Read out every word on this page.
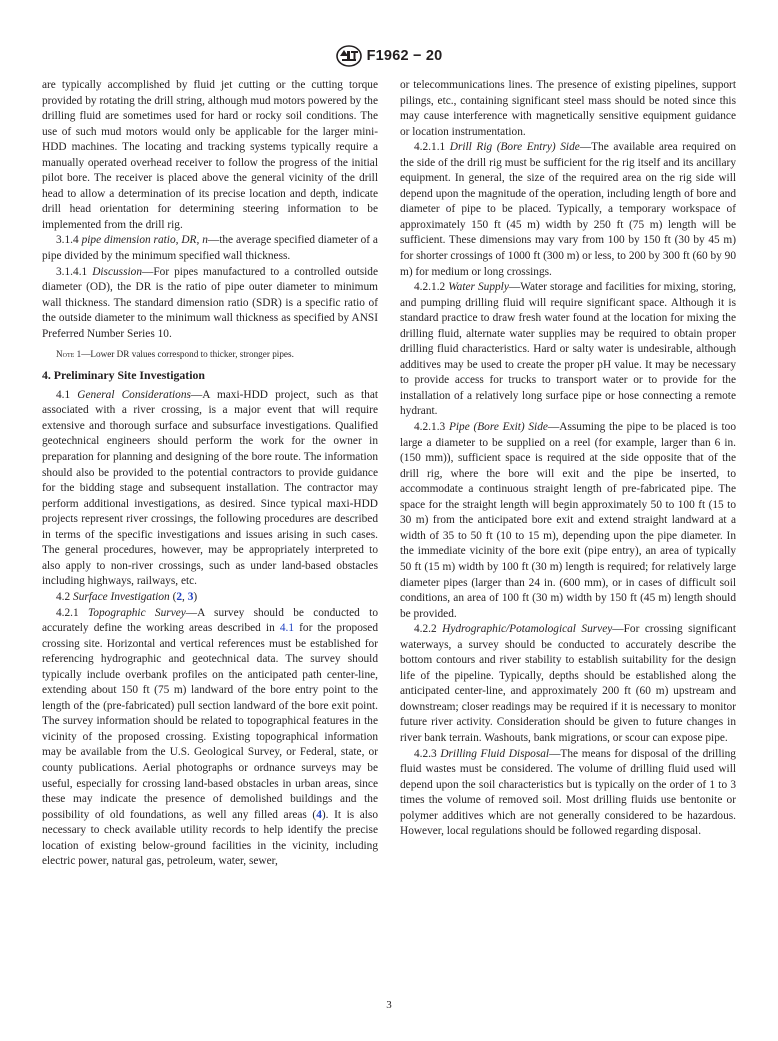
F1962 − 20

are typically accomplished by fluid jet cutting or the cutting torque provided by rotating the drill string, although mud motors powered by the drilling fluid are sometimes used for hard or rocky soil conditions. The use of such mud motors would only be applicable for the larger mini-HDD machines. The locating and tracking systems typically require a manually operated overhead receiver to follow the progress of the initial pilot bore. The receiver is placed above the general vicinity of the drill head to allow a determination of its precise location and depth, indicate drill head orientation for determining steering information to be implemented from the drill rig.

3.1.4 pipe dimension ratio, DR, n—the average specified diameter of a pipe divided by the minimum specified wall thickness.

3.1.4.1 Discussion—For pipes manufactured to a controlled outside diameter (OD), the DR is the ratio of pipe outer diameter to minimum wall thickness. The standard dimension ratio (SDR) is a specific ratio of the outside diameter to the minimum wall thickness as specified by ANSI Preferred Number Series 10.

Note 1—Lower DR values correspond to thicker, stronger pipes.

4. Preliminary Site Investigation

4.1 General Considerations—A maxi-HDD project, such as that associated with a river crossing, is a major event that will require extensive and thorough surface and subsurface investigations. Qualified geotechnical engineers should perform the work for the owner in preparation for planning and designing of the bore route. The information should also be provided to the potential contractors to provide guidance for the bidding stage and subsequent installation. The contractor may perform additional investigations, as desired. Since typical maxi-HDD projects represent river crossings, the following procedures are described in terms of the specific investigations and issues arising in such cases. The general procedures, however, may be appropriately interpreted to also apply to non-river crossings, such as under land-based obstacles including highways, railways, etc.

4.2 Surface Investigation (2, 3)

4.2.1 Topographic Survey—A survey should be conducted to accurately define the working areas described in 4.1 for the proposed crossing site. Horizontal and vertical references must be established for referencing hydrographic and geotechnical data. The survey should typically include overbank profiles on the anticipated path center-line, extending about 150 ft (75 m) landward of the bore entry point to the length of the (pre-fabricated) pull section landward of the bore exit point. The survey information should be related to topographical features in the vicinity of the proposed crossing. Existing topographical information may be available from the U.S. Geological Survey, or Federal, state, or county publications. Aerial photographs or ordnance surveys may be useful, especially for crossing land-based obstacles in urban areas, since these may indicate the presence of demolished buildings and the possibility of old foundations, as well any filled areas (4). It is also necessary to check available utility records to help identify the precise location of existing below-ground facilities in the vicinity, including electric power, natural gas, petroleum, water, sewer,

or telecommunications lines. The presence of existing pipelines, support pilings, etc., containing significant steel mass should be noted since this may cause interference with magnetically sensitive equipment guidance or location instrumentation.

4.2.1.1 Drill Rig (Bore Entry) Side—The available area required on the side of the drill rig must be sufficient for the rig itself and its ancillary equipment. In general, the size of the required area on the rig side will depend upon the magnitude of the operation, including length of bore and diameter of pipe to be placed. Typically, a temporary workspace of approximately 150 ft (45 m) width by 250 ft (75 m) length will be sufficient. These dimensions may vary from 100 by 150 ft (30 by 45 m) for shorter crossings of 1000 ft (300 m) or less, to 200 by 300 ft (60 by 90 m) for medium or long crossings.

4.2.1.2 Water Supply—Water storage and facilities for mixing, storing, and pumping drilling fluid will require significant space. Although it is standard practice to draw fresh water found at the location for mixing the drilling fluid, alternate water supplies may be required to obtain proper drilling fluid characteristics. Hard or salty water is undesirable, although additives may be used to create the proper pH value. It may be necessary to provide access for trucks to transport water or to provide for the installation of a relatively long surface pipe or hose connecting a remote hydrant.

4.2.1.3 Pipe (Bore Exit) Side—Assuming the pipe to be placed is too large a diameter to be supplied on a reel (for example, larger than 6 in. (150 mm)), sufficient space is required at the side opposite that of the drill rig, where the bore will exit and the pipe be inserted, to accommodate a continuous straight length of pre-fabricated pipe. The space for the straight length will begin approximately 50 to 100 ft (15 to 30 m) from the anticipated bore exit and extend straight landward at a width of 35 to 50 ft (10 to 15 m), depending upon the pipe diameter. In the immediate vicinity of the bore exit (pipe entry), an area of typically 50 ft (15 m) width by 100 ft (30 m) length is required; for relatively large diameter pipes (larger than 24 in. (600 mm), or in cases of difficult soil conditions, an area of 100 ft (30 m) width by 150 ft (45 m) length should be provided.

4.2.2 Hydrographic/Potamological Survey—For crossing significant waterways, a survey should be conducted to accurately describe the bottom contours and river stability to establish suitability for the design life of the pipeline. Typically, depths should be established along the anticipated center-line, and approximately 200 ft (60 m) upstream and downstream; closer readings may be required if it is necessary to monitor future river activity. Consideration should be given to future changes in river bank terrain. Washouts, bank migrations, or scour can expose pipe.

4.2.3 Drilling Fluid Disposal—The means for disposal of the drilling fluid wastes must be considered. The volume of drilling fluid used will depend upon the soil characteristics but is typically on the order of 1 to 3 times the volume of removed soil. Most drilling fluids use bentonite or polymer additives which are not generally considered to be hazardous. However, local regulations should be followed regarding disposal.

3
